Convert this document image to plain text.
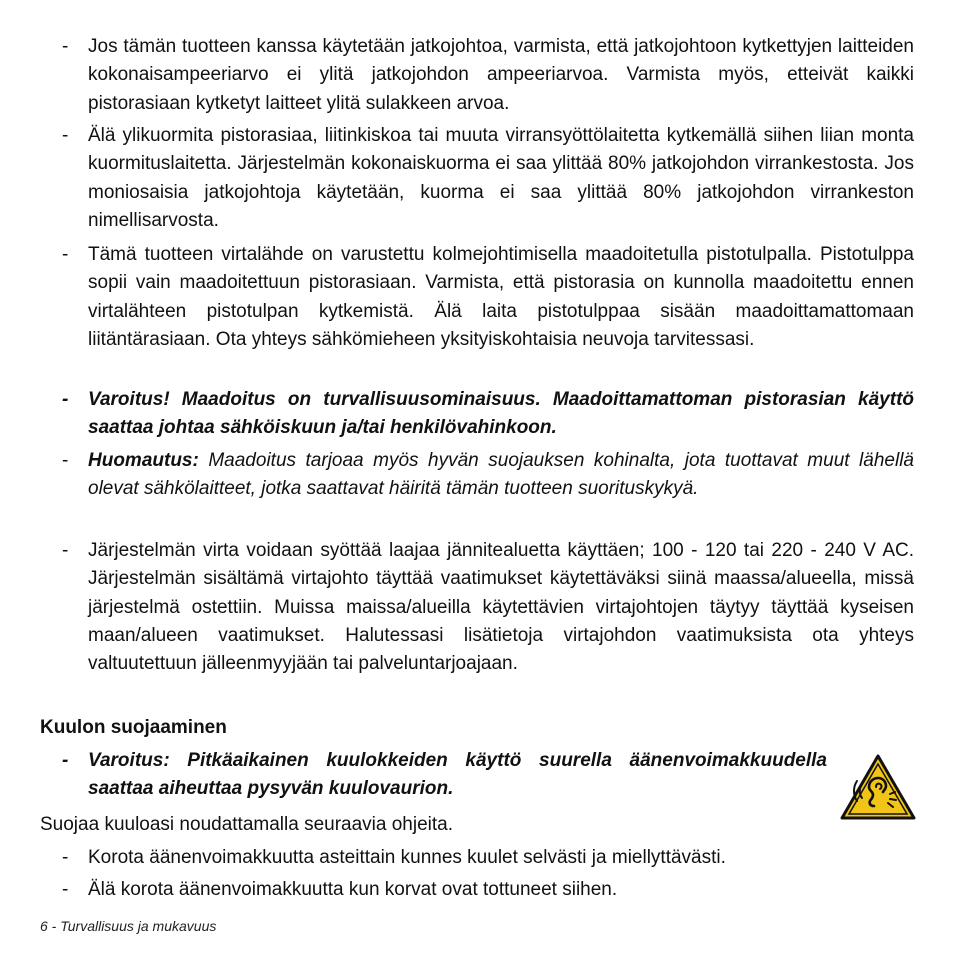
-	Jos tämän tuotteen kanssa käytetään jatkojohtoa, varmista, että jatkojohtoon kytkettyjen laitteiden kokonaisampeeriarvo ei ylitä jatkojohdon ampeeriarvoa. Varmista myös, etteivät kaikki pistorasiaan kytketyt laitteet ylitä sulakkeen arvoa.
-	Älä ylikuormita pistorasiaa, liitinkiskoa tai muuta virransyöttölaitetta kytkemällä siihen liian monta kuormituslaitetta. Järjestelmän kokonaiskuorma ei saa ylittää 80% jatkojohdon virrankestosta. Jos moniosaisia jatkojohtoja käytetään, kuorma ei saa ylittää 80% jatkojohdon virrankeston nimellisarvosta.
-	Tämä tuotteen virtalähde on varustettu kolmejohtimisella maadoitetulla pistotulpalla. Pistotulppa sopii vain maadoitettuun pistorasiaan. Varmista, että pistorasia on kunnolla maadoitettu ennen virtalähteen pistotulpan kytkemistä. Älä laita pistotulppaa sisään maadoittamattomaan liitäntärasiaan. Ota yhteys sähkömieheen yksityiskohtaisia neuvoja tarvitessasi.
-	Varoitus! Maadoitus on turvallisuusominaisuus. Maadoittamattoman pistorasian käyttö saattaa johtaa sähköiskuun ja/tai henkilövahinkoon.
-	Huomautus: Maadoitus tarjoaa myös hyvän suojauksen kohinalta, jota tuottavat muut lähellä olevat sähkölaitteet, jotka saattavat häiritä tämän tuotteen suorituskykyä.
-	Järjestelmän virta voidaan syöttää laajaa jännitealuetta käyttäen; 100 - 120 tai 220 - 240 V AC. Järjestelmän sisältämä virtajohto täyttää vaatimukset käytettäväksi siinä maassa/alueella, missä järjestelmä ostettiin. Muissa maissa/alueilla käytettävien virtajohtojen täytyy täyttää kyseisen maan/alueen vaatimukset. Halutessasi lisätietoja virtajohdon vaatimuksista ota yhteys valtuutettuun jälleenmyyjään tai palveluntarjoajaan.
Kuulon suojaaminen
-	Varoitus: Pitkäaikainen kuulokkeiden käyttö suurella äänenvoimakkuudella saattaa aiheuttaa pysyvän kuulovaurion.
Suojaa kuuloasi noudattamalla seuraavia ohjeita.
-	Korota äänenvoimakkuutta asteittain kunnes kuulet selvästi ja miellyttävästi.
-	Älä korota äänenvoimakkuutta kun korvat ovat tottuneet siihen.
6 - Turvallisuus ja mukavuus
